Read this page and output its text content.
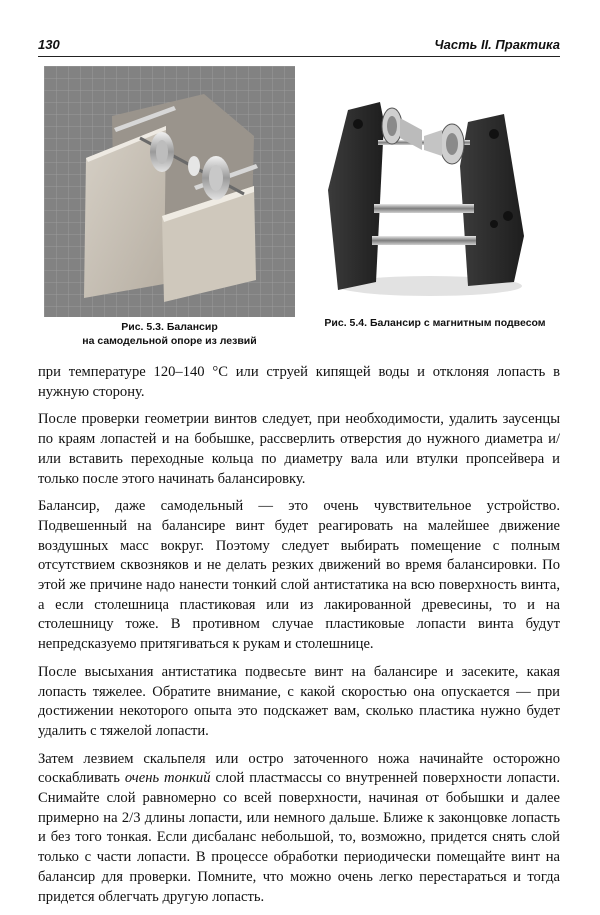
130	Часть II. Практика
Рис. 5.3. Балансир
на самодельной опоре из лезвий
Рис. 5.4. Балансир с магнитным подвесом

при температуре 120–140 °С или струей кипящей воды и отклоняя лопасть в нужную сторону.

После проверки геометрии винтов следует, при необходимости, удалить заусенцы по краям лопастей и на бобышке, рассверлить отверстия до нужного диаметра и/или вставить переходные кольца по диаметру вала или втулки пропсейвера и только после этого начинать балансировку.

Балансир, даже самодельный — это очень чувствительное устройство. Подвешенный на балансире винт будет реагировать на малейшее движение воздушных масс вокруг. Поэтому следует выбирать помещение с полным отсутствием сквозняков и не делать резких движений во время балансировки. По этой же причине надо нанести тонкий слой антистатика на всю поверхность винта, а если столешница пластиковая или из лакированной древесины, то и на столешницу тоже. В противном случае пластиковые лопасти винта будут непредсказуемо притягиваться к рукам и столешнице.

После высыхания антистатика подвесьте винт на балансире и засеките, какая лопасть тяжелее. Обратите внимание, с какой скоростью она опускается — при достижении некоторого опыта это подскажет вам, сколько пластика нужно будет удалить с тяжелой лопасти.

Затем лезвием скальпеля или остро заточенного ножа начинайте осторожно соскабливать очень тонкий слой пластмассы со внутренней поверхности лопасти. Снимайте слой равномерно со всей поверхности, начиная от бобышки и далее примерно на 2/3 длины лопасти, или немного дальше. Ближе к законцовке лопасть и без того тонкая. Если дисбаланс небольшой, то, возможно, придется снять слой только с части лопасти. В процессе обработки периодически помещайте винт на балансир для проверки. Помните, что можно очень легко перестараться и тогда придется облегчать другую лопасть.
